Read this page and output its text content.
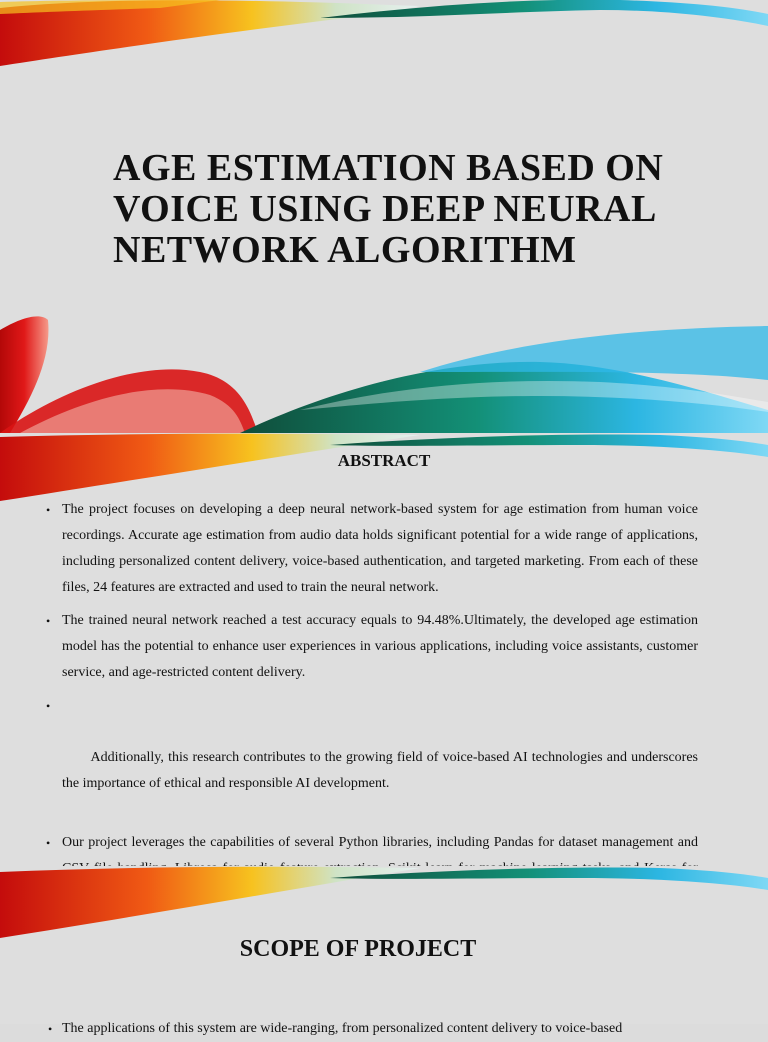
AGE ESTIMATION BASED ON
VOICE USING DEEP NEURAL
NETWORK ALGORITHM
ABSTRACT
• The project focuses on developing a deep neural network-based system for age estimation from human voice recordings. Accurate age estimation from audio data holds significant potential for a wide range of applications, including personalized content delivery, voice-based authentication, and targeted marketing. From each of these files, 24 features are extracted and used to train the neural network.
• The trained neural network reached a test accuracy equals to 94.48%.Ultimately, the developed age estimation model has the potential to enhance user experiences in various applications, including voice assistants, customer service, and age-restricted content delivery.

•

Additionally, this research contributes to the growing field of voice-based AI technologies and underscores the importance of ethical and responsible AI development.

• Our project leverages the capabilities of several Python libraries, including Pandas for dataset management and
SCOPE OF PROJECT
• The applications of this system are wide-ranging, from personalized content delivery to voice-based
